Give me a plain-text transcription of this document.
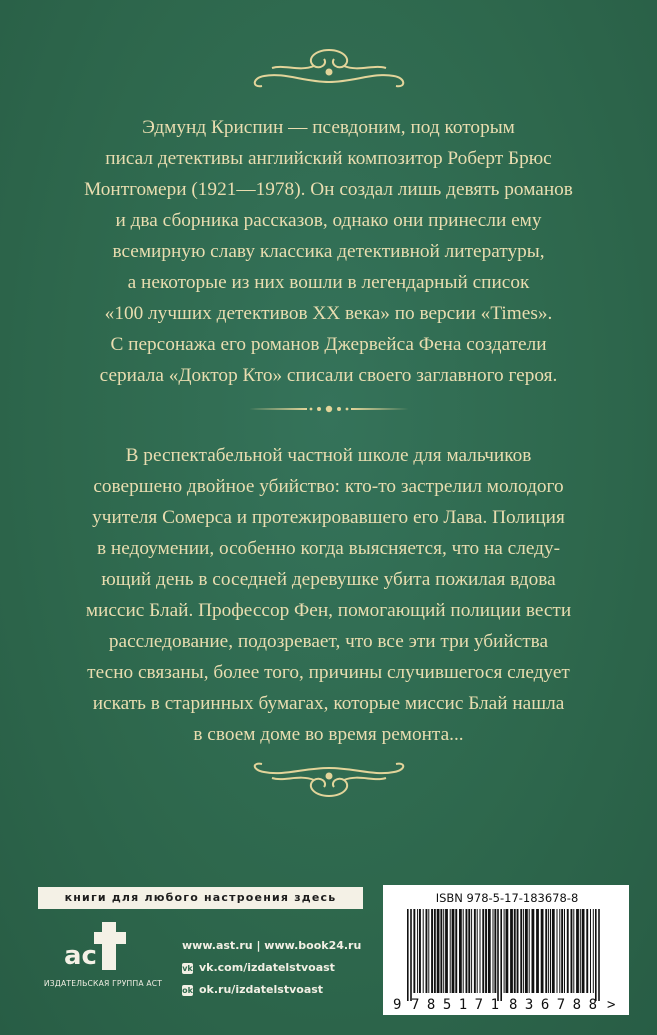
Эдмунд Криспин — псевдоним, под которым
писал детективы английский композитор Роберт Брюс
Монтгомери (1921—1978). Он создал лишь девять романов
и два сборника рассказов, однако они принесли ему
всемирную славу классика детективной литературы,
а некоторые из них вошли в легендарный список
«100 лучших детективов XX века» по версии «Times».
С персонажа его романов Джервейса Фена создатели
сериала «Доктор Кто» списали своего заглавного героя.
В респектабельной частной школе для мальчиков
совершено двойное убийство: кто-то застрелил молодого
учителя Сомерса и протежировавшего его Лава. Полиция
в недоумении, особенно когда выясняется, что на следу-
ющий день в соседней деревушке убита пожилая вдова
миссис Блай. Профессор Фен, помогающий полиции вести
расследование, подозревает, что все эти три убийства
тесно связаны, более того, причины случившегося следует
искать в старинных бумагах, которые миссис Блай нашла
в своем доме во время ремонта...
книги для любого настроения здесь
ас
ИЗДАТЕЛЬСКАЯ ГРУППА АСТ
www.ast.ru | www.book24.ru
vk vk.com/izdatelstvoast
ok ok.ru/izdatelstvoast
ISBN 978-5-17-183678-8
9 785171 836788 >
